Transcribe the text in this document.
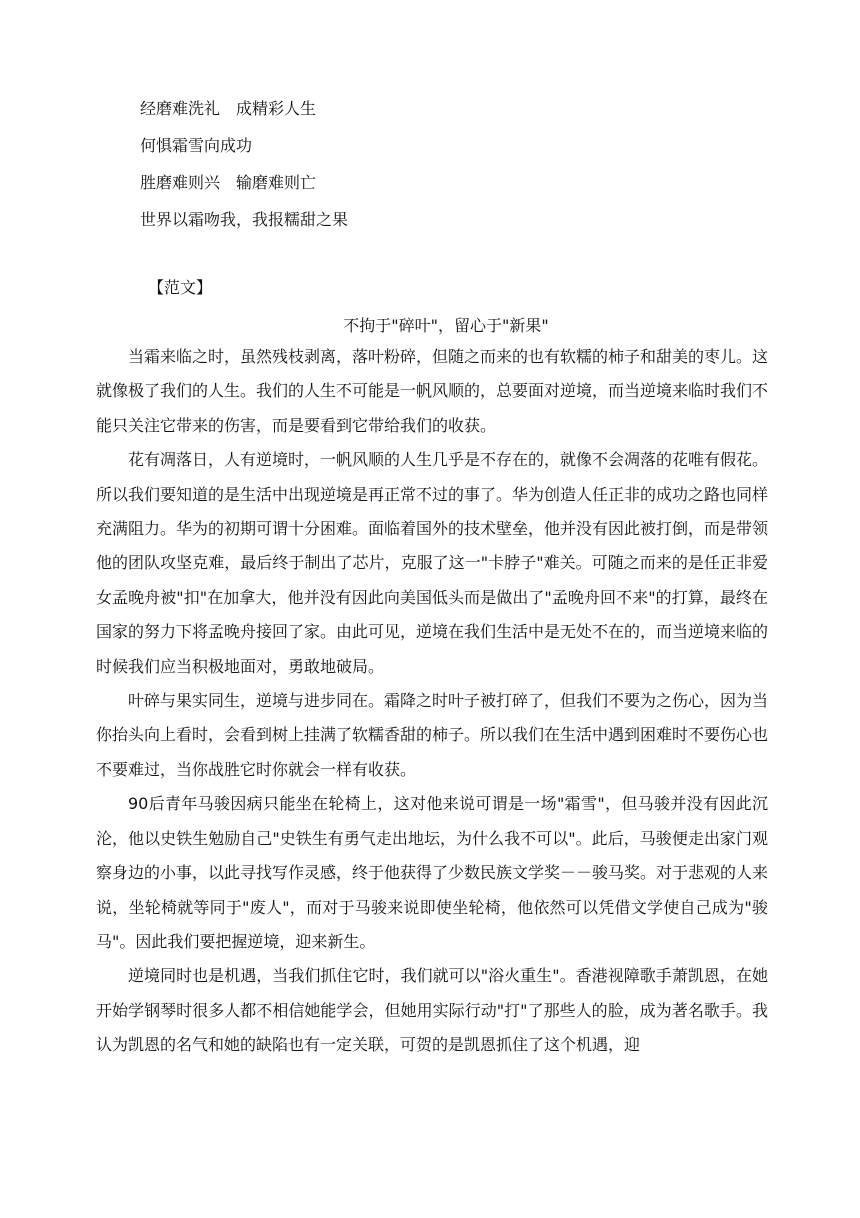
经磨难洗礼　成精彩人生
何惧霜雪向成功
胜磨难则兴　输磨难则亡
世界以霜吻我，我报糯甜之果
【范文】
不拘于"碎叶"，留心于"新果"

当霜来临之时，虽然残枝剥离，落叶粉碎，但随之而来的也有软糯的柿子和甜美的枣儿。这就像极了我们的人生。我们的人生不可能是一帆风顺的，总要面对逆境，而当逆境来临时我们不能只关注它带来的伤害，而是要看到它带给我们的收获。

花有凋落日，人有逆境时，一帆风顺的人生几乎是不存在的，就像不会凋落的花唯有假花。所以我们要知道的是生活中出现逆境是再正常不过的事了。华为创造人任正非的成功之路也同样充满阻力。华为的初期可谓十分困难。面临着国外的技术壁垒，他并没有因此被打倒，而是带领他的团队攻坚克难，最后终于制出了芯片，克服了这一"卡脖子"难关。可随之而来的是任正非爱女孟晚舟被"扣"在加拿大，他并没有因此向美国低头而是做出了"孟晚舟回不来"的打算，最终在国家的努力下将孟晚舟接回了家。由此可见，逆境在我们生活中是无处不在的，而当逆境来临的时候我们应当积极地面对，勇敢地破局。

叶碎与果实同生，逆境与进步同在。霜降之时叶子被打碎了，但我们不要为之伤心，因为当你抬头向上看时，会看到树上挂满了软糯香甜的柿子。所以我们在生活中遇到困难时不要伤心也不要难过，当你战胜它时你就会一样有收获。

90后青年马骏因病只能坐在轮椅上，这对他来说可谓是一场"霜雪"，但马骏并没有因此沉沦，他以史铁生勉励自己"史铁生有勇气走出地坛，为什么我不可以"。此后，马骏便走出家门观察身边的小事，以此寻找写作灵感，终于他获得了少数民族文学奖－－骏马奖。对于悲观的人来说，坐轮椅就等同于"废人"，而对于马骏来说即使坐轮椅，他依然可以凭借文学使自己成为"骏马"。因此我们要把握逆境，迎来新生。

逆境同时也是机遇，当我们抓住它时，我们就可以"浴火重生"。香港视障歌手萧凯恩，在她开始学钢琴时很多人都不相信她能学会，但她用实际行动"打"了那些人的脸，成为著名歌手。我认为凯恩的名气和她的缺陷也有一定关联，可贺的是凯恩抓住了这个机遇，迎
